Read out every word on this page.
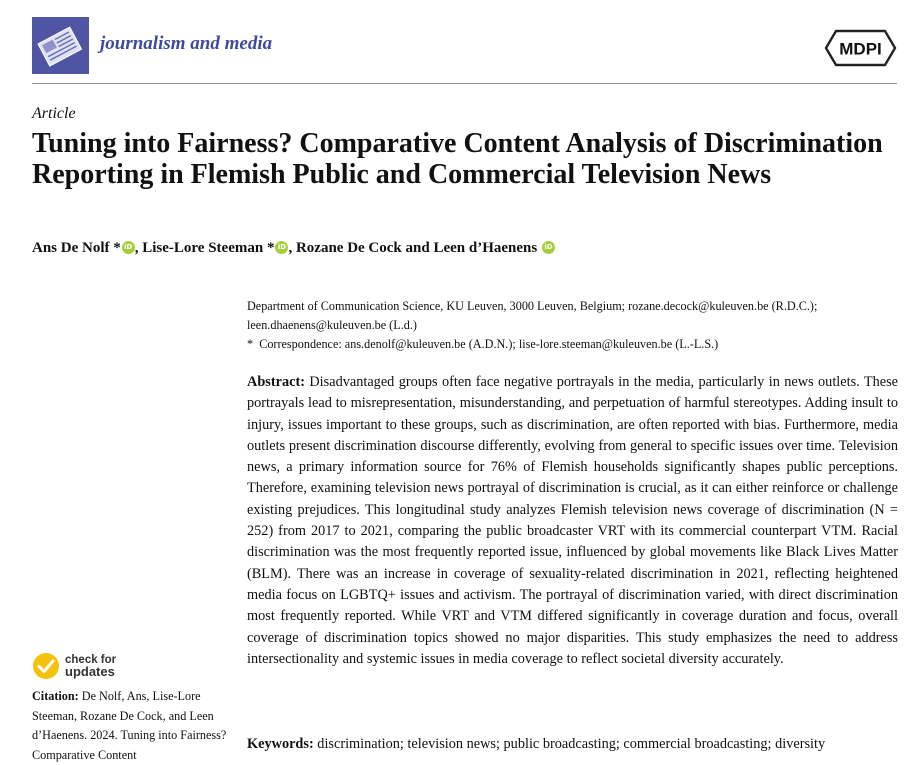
journalism and media	MDPI
Article
Tuning into Fairness? Comparative Content Analysis of Discrimination Reporting in Flemish Public and Commercial Television News
Ans De Nolf * iD , Lise-Lore Steeman * iD , Rozane De Cock and Leen d’Haenens iD

Department of Communication Science, KU Leuven, 3000 Leuven, Belgium; rozane.decock@kuleuven.be (R.D.C.);

leen.dhaenens@kuleuven.be (L.d.)

* Correspondence: ans.denolf@kuleuven.be (A.D.N.); lise-lore.steeman@kuleuven.be (L.-L.S.)

Abstract: Disadvantaged groups often face negative portrayals in the media, particularly in news outlets. These portrayals lead to misrepresentation, misunderstanding, and perpetuation of harmful stereotypes. Adding insult to injury, issues important to these groups, such as discrimination, are often reported with bias. Furthermore, media outlets present discrimination discourse differently, evolving from general to specific issues over time. Television news, a primary information source for 76% of Flemish households significantly shapes public perceptions. Therefore, examining television news portrayal of discrimination is crucial, as it can either reinforce or challenge existing prejudices. This longitudinal study analyzes Flemish television news coverage of discrimination (N = 252) from 2017 to 2021, comparing the public broadcaster VRT with its commercial counterpart VTM. Racial discrimination was the most frequently reported issue, influenced by global movements like Black Lives Matter (BLM). There was an increase in coverage of sexuality-related discrimination in 2021, reflecting heightened media focus on LGBTQ+ issues and activism. The portrayal of discrimination varied, with direct discrimination most frequently reported. While VRT and VTM differed significantly in coverage duration and focus, overall coverage of discrimination topics showed no major disparities. This study emphasizes the need to address intersectionality and systemic issues in media coverage to reflect societal diversity accurately.

Keywords: discrimination; television news; public broadcasting; commercial broadcasting; diversity
check for
updates
Citation: De Nolf, Ans, Lise-Lore Steeman, Rozane De Cock, and Leen d’Haenens. 2024. Tuning into Fairness? Comparative Content
